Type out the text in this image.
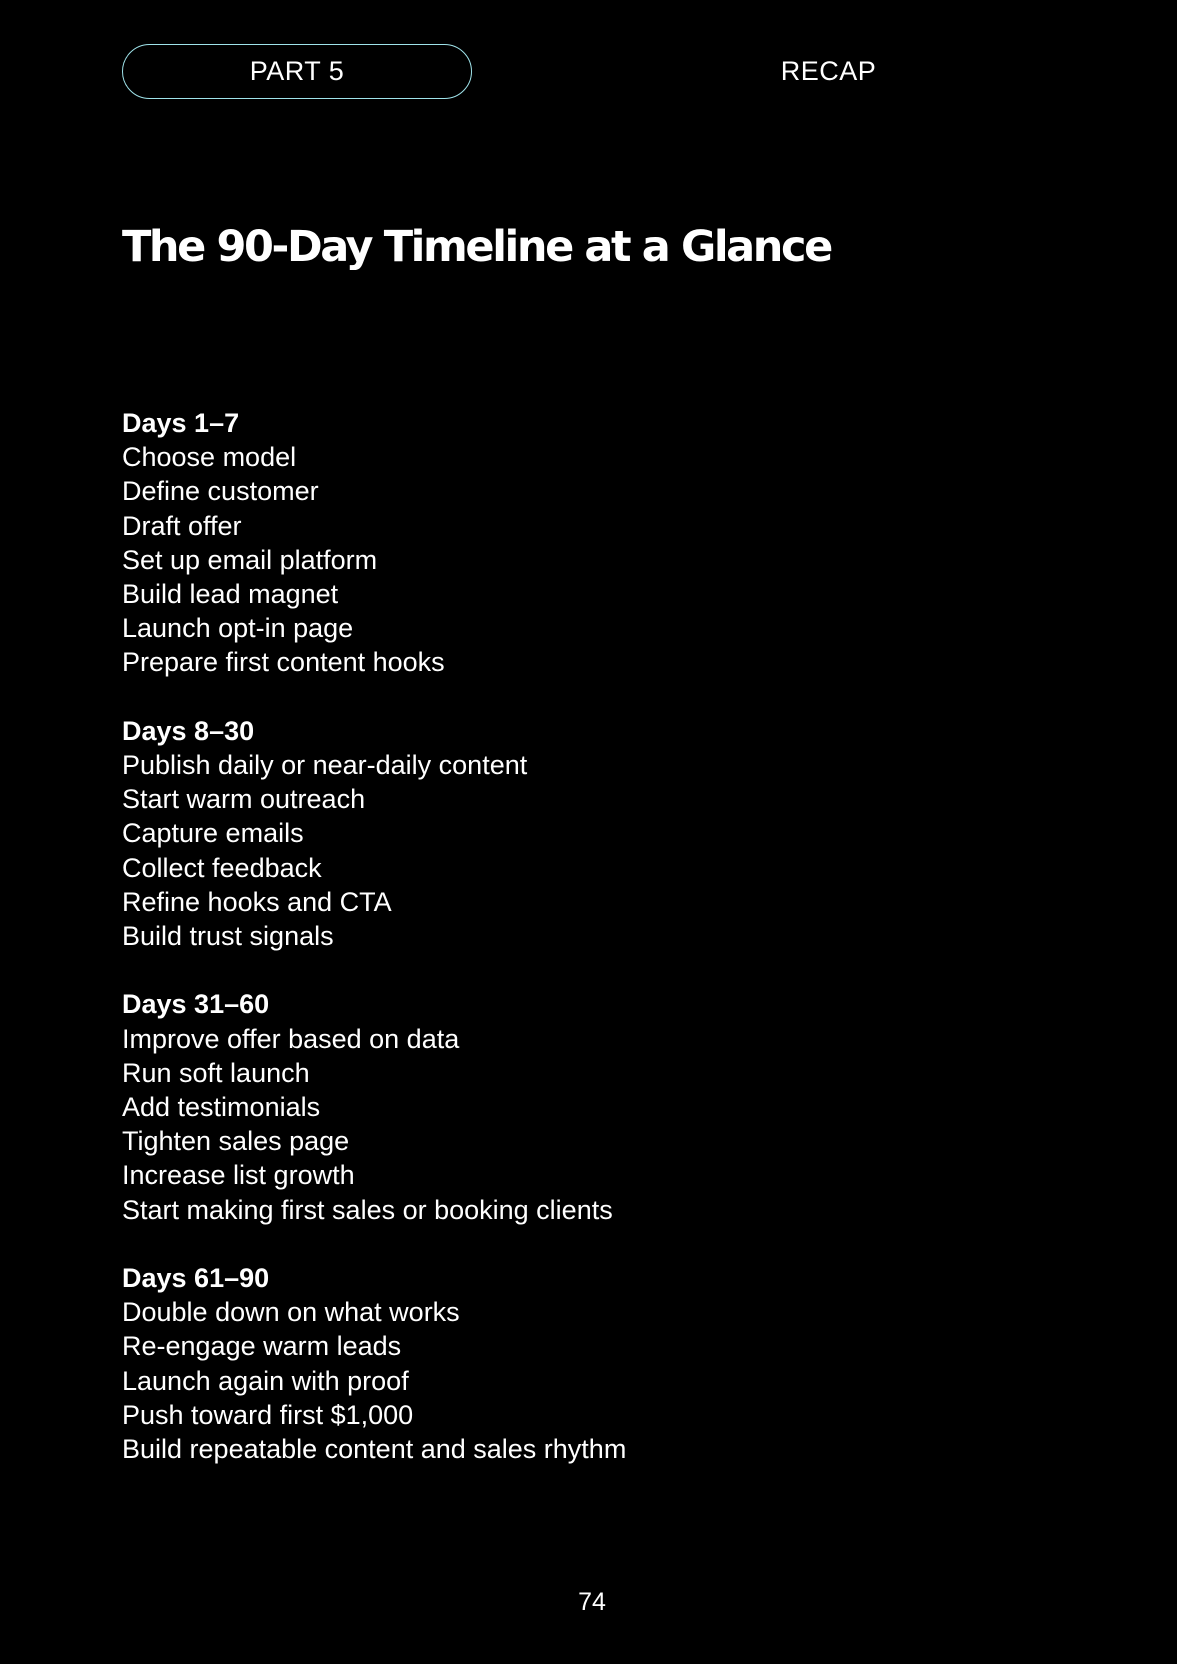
PART 5	RECAP
The 90-Day Timeline at a Glance
Days 1–7
Choose model
Define customer
Draft offer
Set up email platform
Build lead magnet
Launch opt-in page
Prepare first content hooks
Days 8–30
Publish daily or near-daily content
Start warm outreach
Capture emails
Collect feedback
Refine hooks and CTA
Build trust signals
Days 31–60
Improve offer based on data
Run soft launch
Add testimonials
Tighten sales page
Increase list growth
Start making first sales or booking clients
Days 61–90
Double down on what works
Re-engage warm leads
Launch again with proof
Push toward first $1,000
Build repeatable content and sales rhythm
74
